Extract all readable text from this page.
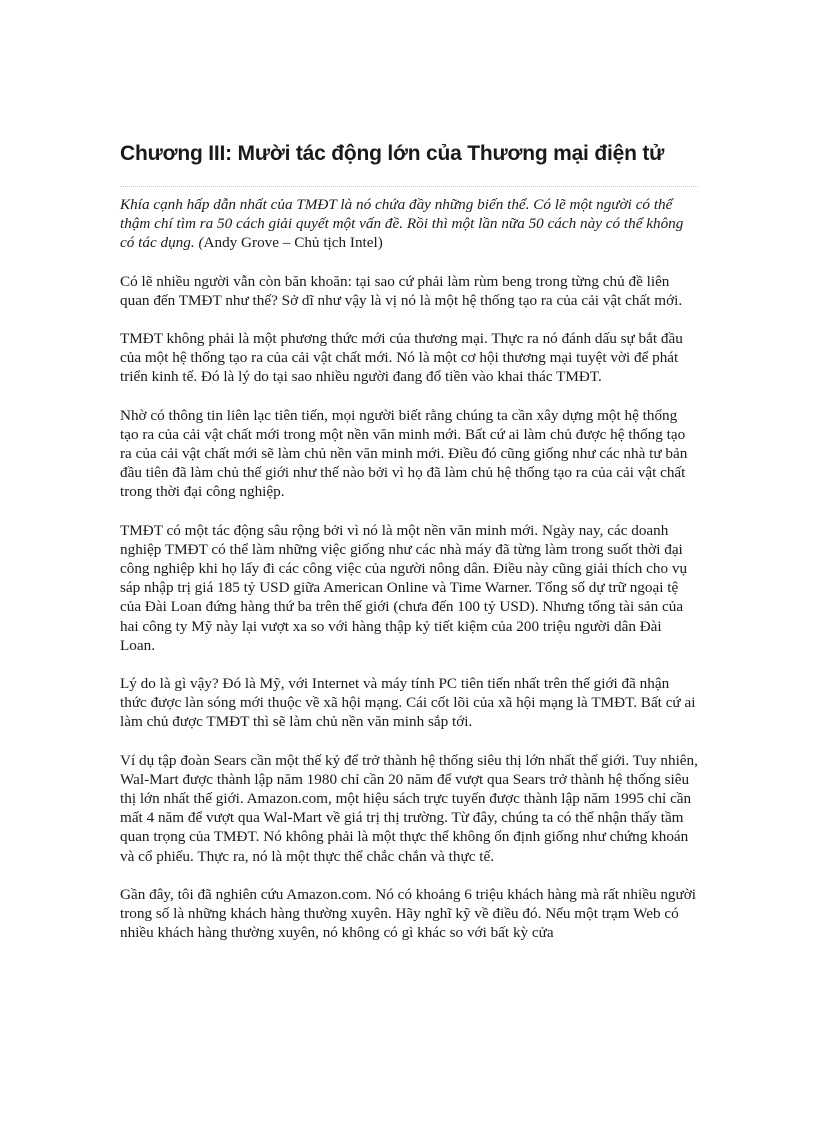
Chương III: Mười tác động lớn của Thương mại điện tử

Khía cạnh hấp dẫn nhất của TMĐT là nó chứa đầy những biến thể. Có lẽ một người có thể thậm chí tìm ra 50 cách giải quyết một vấn đề. Rồi thì một lần nữa 50 cách này có thể không có tác dụng. (Andy Grove – Chủ tịch Intel)

Có lẽ nhiều người vẫn còn băn khoăn: tại sao cứ phải làm rùm beng trong từng chủ đề liên quan đến TMĐT như thế? Sở dĩ như vậy là vị nó là một hệ thống tạo ra của cải vật chất mới.

TMĐT không phải là một phương thức mới của thương mại. Thực ra nó đánh dấu sự bắt đầu của một hệ thống tạo ra của cải vật chất mới. Nó là một cơ hội thương mại tuyệt vời để phát triển kinh tế. Đó là lý do tại sao nhiều người đang đổ tiền vào khai thác TMĐT.

Nhờ có thông tin liên lạc tiên tiến, mọi người biết rằng chúng ta cần xây dựng một hệ thống tạo ra của cải vật chất mới trong một nền văn minh mới. Bất cứ ai làm chủ được hệ thống tạo ra của cải vật chất mới sẽ làm chủ nền văn minh mới. Điều đó cũng giống như các nhà tư bản đầu tiên đã làm chủ thế giới như thế nào bởi vì họ đã làm chủ hệ thống tạo ra của cải vật chất trong thời đại công nghiệp.

TMĐT có một tác động sâu rộng bởi vì nó là một nền văn minh mới. Ngày nay, các doanh nghiệp TMĐT có thể làm những việc giống như các nhà máy đã từng làm trong suốt thời đại công nghiệp khi họ lấy đi các công việc của người nông dân. Điều này cũng giải thích cho vụ sáp nhập trị giá 185 tỷ USD giữa American Online và Time Warner. Tổng số dự trữ ngoại tệ của Đài Loan đứng hàng thứ ba trên thế giới (chưa đến 100 tỷ USD). Nhưng tổng tài sản của hai công ty Mỹ này lại vượt xa so với hàng thập kỷ tiết kiệm của 200 triệu người dân Đài Loan.

Lý do là gì vậy? Đó là Mỹ, với Internet và máy tính PC tiên tiến nhất trên thế giới đã nhận thức được làn sóng mới thuộc về xã hội mạng. Cái cốt lõi của xã hội mạng là TMĐT. Bất cứ ai làm chủ được TMĐT thì sẽ làm chủ nền văn minh sắp tới.

Ví dụ tập đoàn Sears cần một thế kỷ để trở thành hệ thống siêu thị lớn nhất thế giới. Tuy nhiên, Wal-Mart được thành lập năm 1980 chỉ cần 20 năm để vượt qua Sears trở thành hệ thống siêu thị lớn nhất thế giới. Amazon.com, một hiệu sách trực tuyến được thành lập năm 1995 chỉ cần mất 4 năm để vượt qua Wal-Mart về giá trị thị trường. Từ đây, chúng ta có thể nhận thấy tầm quan trọng của TMĐT. Nó không phải là một thực thể không ổn định giống như chứng khoán và cổ phiếu. Thực ra, nó là một thực thể chắc chắn và thực tế.

Gần đây, tôi đã nghiên cứu Amazon.com. Nó có khoảng 6 triệu khách hàng mà rất nhiều người trong số là những khách hàng thường xuyên. Hãy nghĩ kỹ về điều đó. Nếu một trạm Web có nhiều khách hàng thường xuyên, nó không có gì khác so với bất kỳ cửa
